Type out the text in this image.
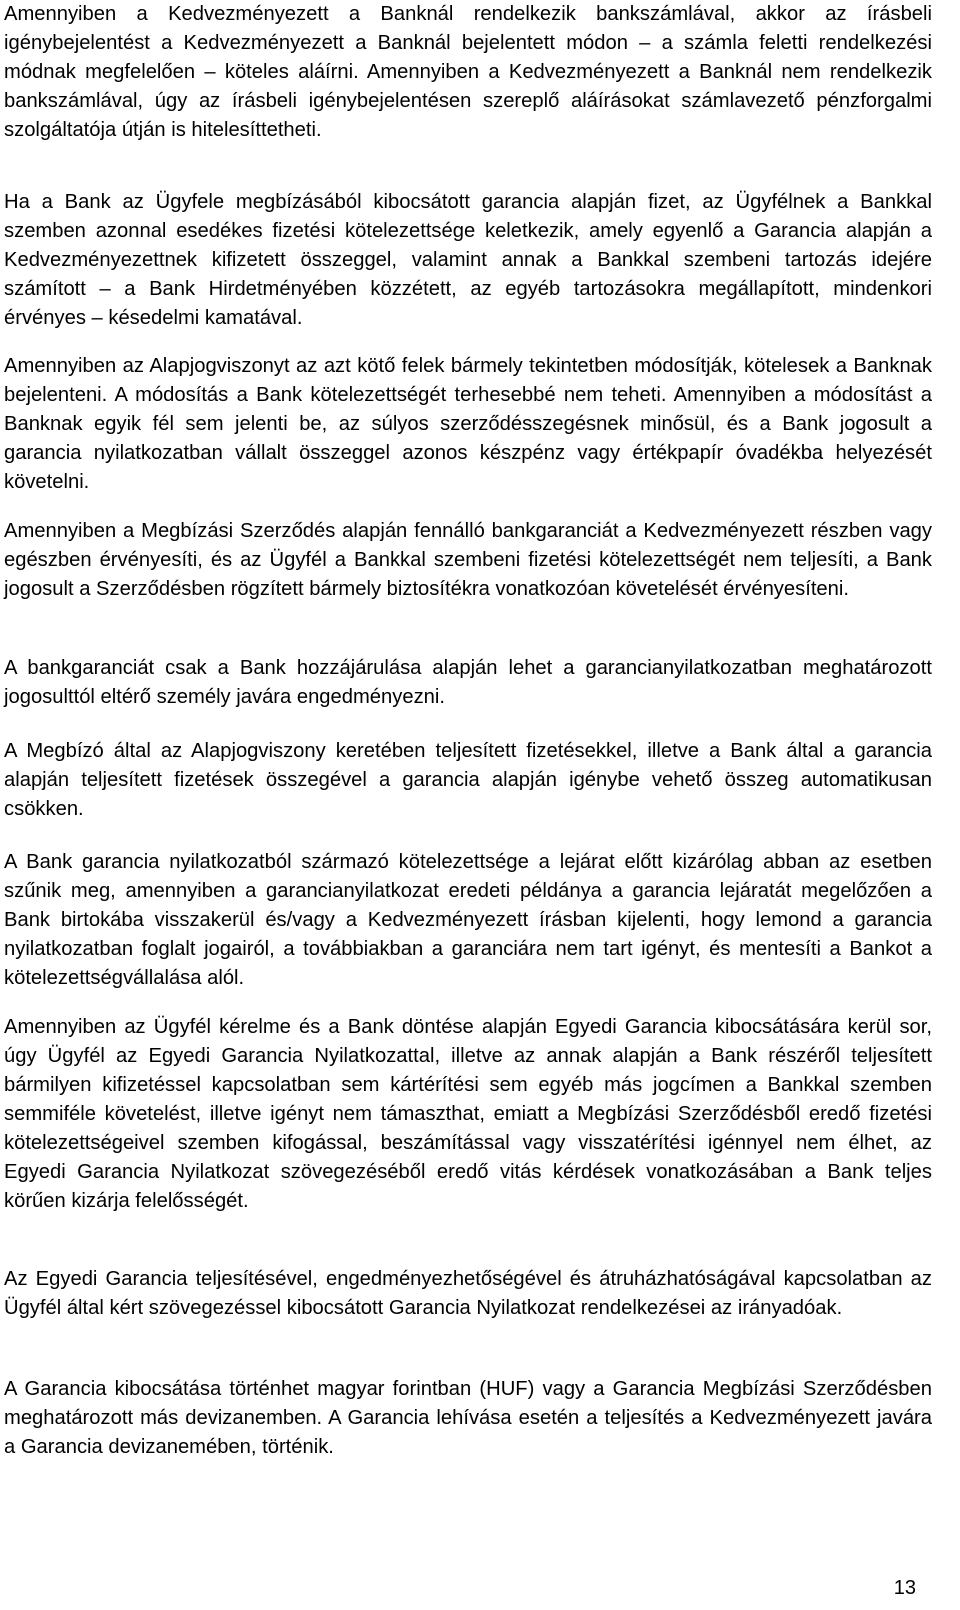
Amennyiben a Kedvezményezett a Banknál rendelkezik bankszámlával, akkor az írásbeli igénybejelentést a Kedvezményezett a Banknál bejelentett módon – a számla feletti rendelkezési módnak megfelelően – köteles aláírni. Amennyiben a Kedvezményezett a Banknál nem rendelkezik bankszámlával, úgy az írásbeli igénybejelentésen szereplő aláírásokat számlavezető pénzforgalmi szolgáltatója útján is hitelesíttetheti.

Ha a Bank az Ügyfele megbízásából kibocsátott garancia alapján fizet, az Ügyfélnek a Bankkal szemben azonnal esedékes fizetési kötelezettsége keletkezik, amely egyenlő a Garancia alapján a Kedvezményezettnek kifizetett összeggel, valamint annak a Bankkal szembeni tartozás idejére számított – a Bank Hirdetményében közzétett, az egyéb tartozásokra megállapított, mindenkori érvényes – késedelmi kamatával.

Amennyiben az Alapjogviszonyt az azt kötő felek bármely tekintetben módosítják, kötelesek a Banknak bejelenteni. A módosítás a Bank kötelezettségét terhesebbé nem teheti. Amennyiben a módosítást a Banknak egyik fél sem jelenti be, az súlyos szerződésszegésnek minősül, és a Bank jogosult a garancia nyilatkozatban vállalt összeggel azonos készpénz vagy értékpapír óvadékba helyezését követelni.

Amennyiben a Megbízási Szerződés alapján fennálló bankgaranciát a Kedvezményezett részben vagy egészben érvényesíti, és az Ügyfél a Bankkal szembeni fizetési kötelezettségét nem teljesíti, a Bank jogosult a Szerződésben rögzített bármely biztosítékra vonatkozóan követelését érvényesíteni.

A bankgaranciát csak a Bank hozzájárulása alapján lehet a garancianyilatkozatban meghatározott jogosulttól eltérő személy javára engedményezni.

A Megbízó által az Alapjogviszony keretében teljesített fizetésekkel, illetve a Bank által a garancia alapján teljesített fizetések összegével a garancia alapján igénybe vehető összeg automatikusan csökken.

A Bank garancia nyilatkozatból származó kötelezettsége a lejárat előtt kizárólag abban az esetben szűnik meg, amennyiben a garancianyilatkozat eredeti példánya a garancia lejáratát megelőzően a Bank birtokába visszakerül és/vagy a Kedvezményezett írásban kijelenti, hogy lemond a garancia nyilatkozatban foglalt jogairól, a továbbiakban a garanciára nem tart igényt, és mentesíti a Bankot a kötelezettségvállalása alól.

Amennyiben az Ügyfél kérelme és a Bank döntése alapján Egyedi Garancia kibocsátására kerül sor, úgy Ügyfél az Egyedi Garancia Nyilatkozattal, illetve az annak alapján a Bank részéről teljesített bármilyen kifizetéssel kapcsolatban sem kártérítési sem egyéb más jogcímen a Bankkal szemben semmiféle követelést, illetve igényt nem támaszthat, emiatt a Megbízási Szerződésből eredő fizetési kötelezettségeivel szemben kifogással, beszámítással vagy visszatérítési igénnyel nem élhet, az Egyedi Garancia Nyilatkozat szövegezéséből eredő vitás kérdések vonatkozásában a Bank teljes körűen kizárja felelősségét.

Az Egyedi Garancia teljesítésével, engedményezhetőségével és átruházhatóságával kapcsolatban az Ügyfél által kért szövegezéssel kibocsátott Garancia Nyilatkozat rendelkezései az irányadóak.

A Garancia kibocsátása történhet magyar forintban (HUF) vagy a Garancia Megbízási Szerződésben meghatározott más devizanemben. A Garancia lehívása esetén a teljesítés a Kedvezményezett javára a Garancia devizanemében, történik.

13
